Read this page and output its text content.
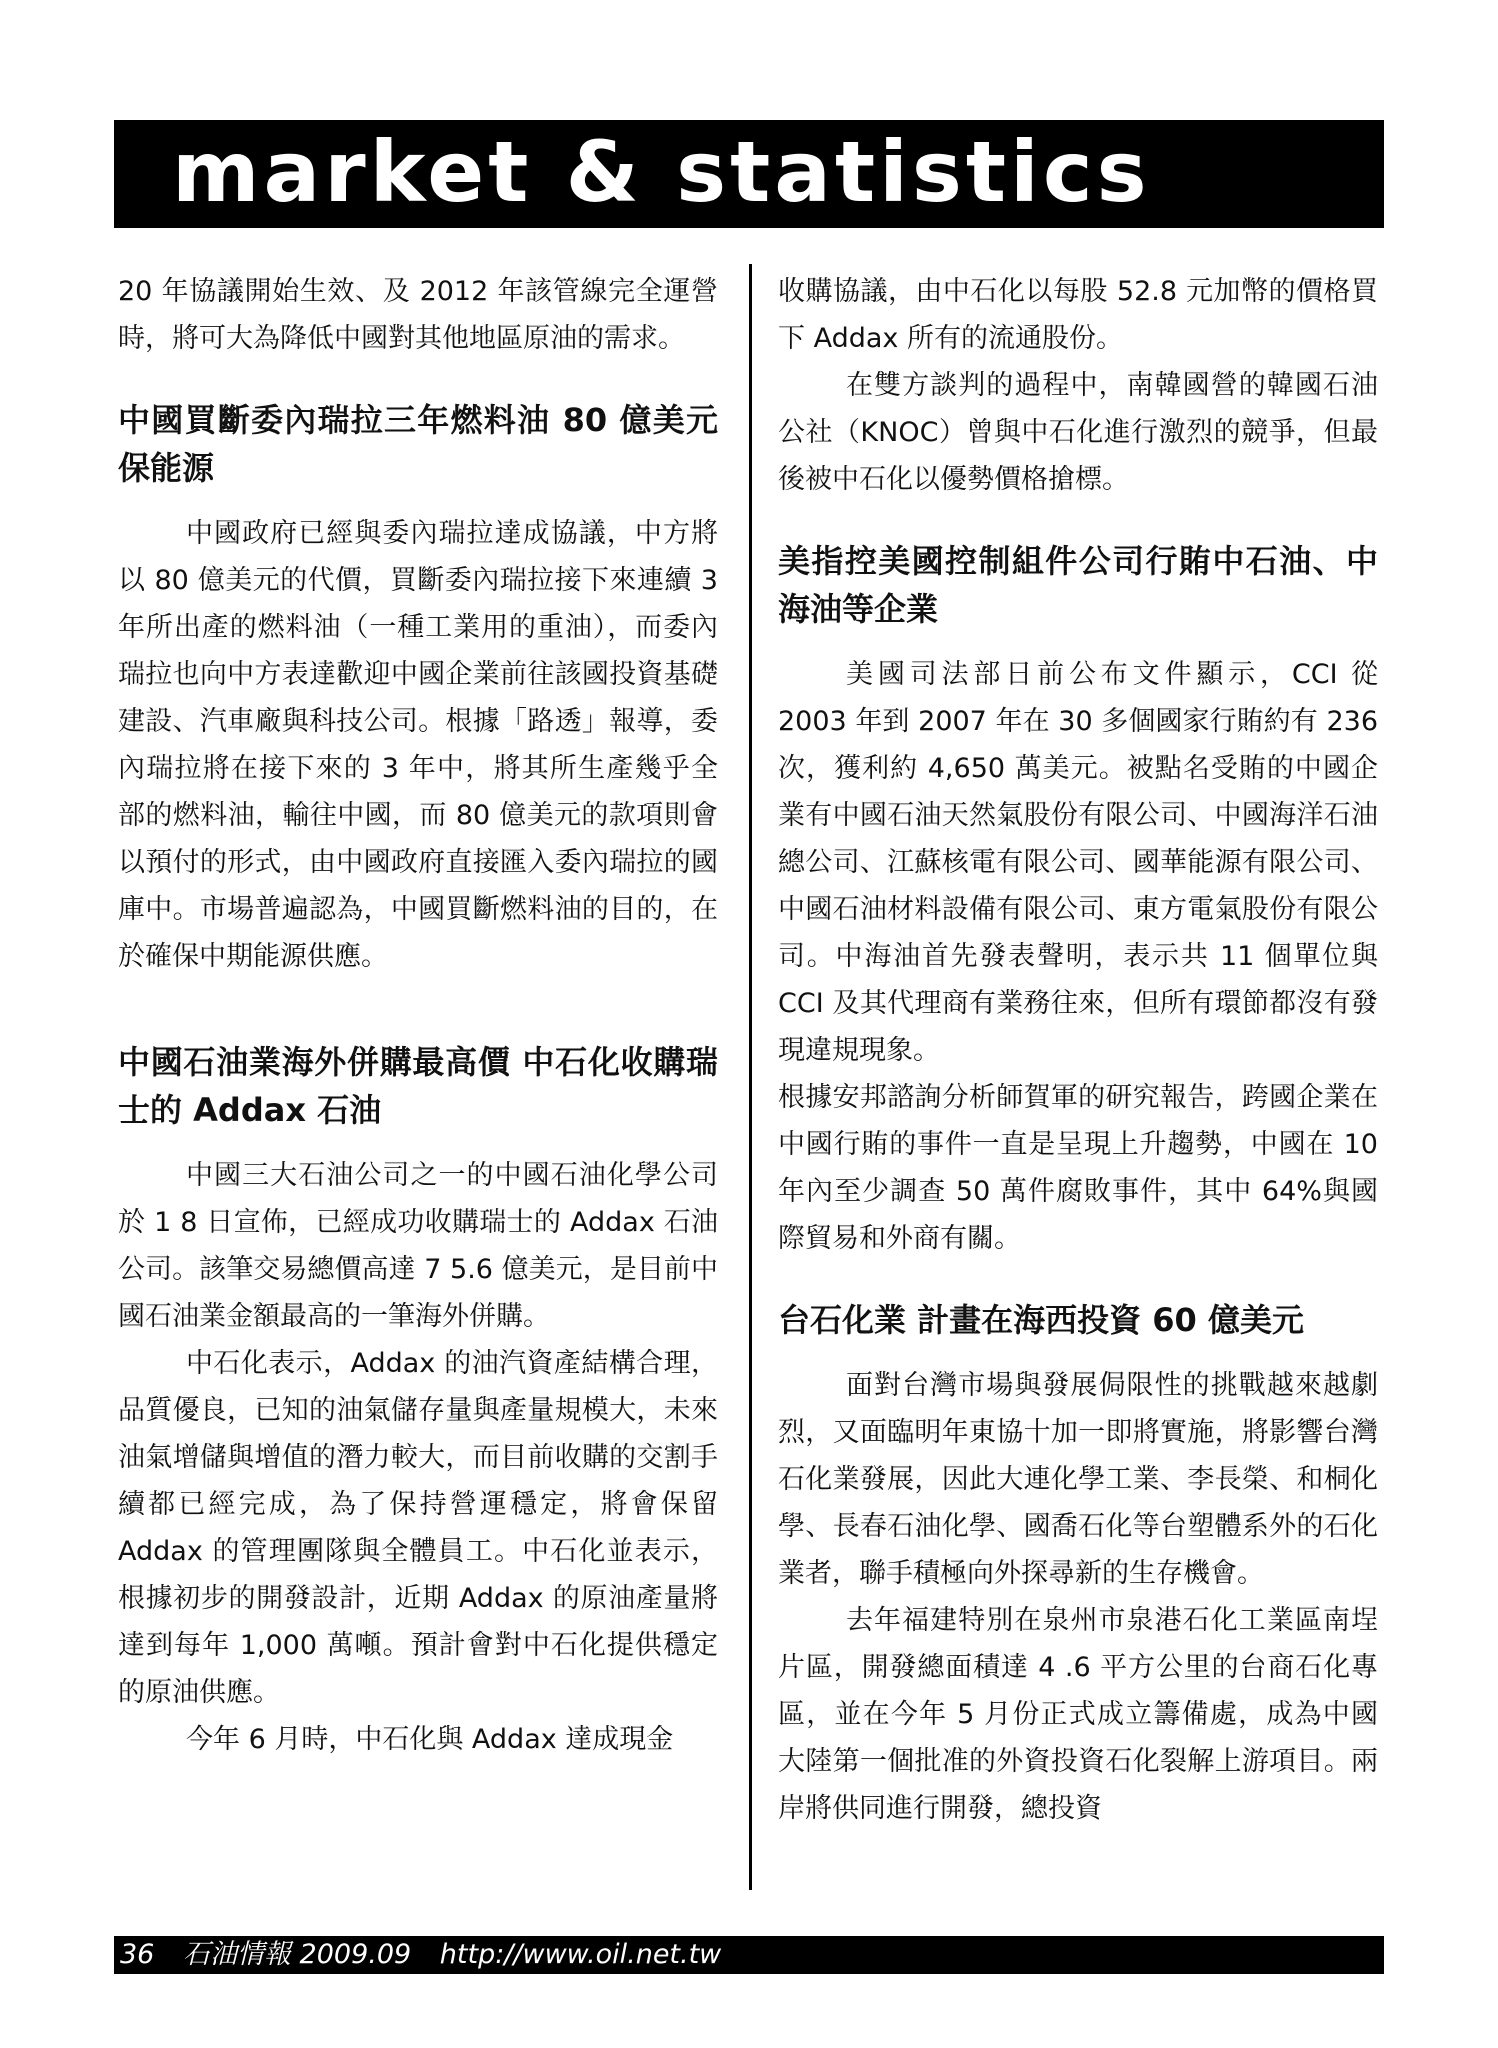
market & statistics

20 年協議開始生效、及 2012 年該管線完全運營時，將可大為降低中國對其他地區原油的需求。

中國買斷委內瑞拉三年燃料油 80 億美元保能源

中國政府已經與委內瑞拉達成協議，中方將以 80 億美元的代價，買斷委內瑞拉接下來連續 3 年所出產的燃料油（一種工業用的重油），而委內瑞拉也向中方表達歡迎中國企業前往該國投資基礎建設、汽車廠與科技公司。根據「路透」報導，委內瑞拉將在接下來的 3 年中，將其所生產幾乎全部的燃料油，輸往中國，而 80 億美元的款項則會以預付的形式，由中國政府直接匯入委內瑞拉的國庫中。市場普遍認為，中國買斷燃料油的目的，在於確保中期能源供應。

中國石油業海外併購最高價 中石化收購瑞士的 Addax 石油

中國三大石油公司之一的中國石油化學公司於 1 8 日宣佈，已經成功收購瑞士的 Addax 石油公司。該筆交易總價高達 7 5.6 億美元，是目前中國石油業金額最高的一筆海外併購。

中石化表示，Addax 的油汽資產結構合理，品質優良，已知的油氣儲存量與產量規模大，未來油氣增儲與增值的潛力較大，而目前收購的交割手續都已經完成，為了保持營運穩定，將會保留 Addax 的管理團隊與全體員工。中石化並表示，根據初步的開發設計，近期 Addax 的原油產量將達到每年 1,000 萬噸。預計會對中石化提供穩定的原油供應。

今年 6 月時，中石化與 Addax 達成現金

收購協議，由中石化以每股 52.8 元加幣的價格買下 Addax 所有的流通股份。

在雙方談判的過程中，南韓國營的韓國石油公社（KNOC）曾與中石化進行激烈的競爭，但最後被中石化以優勢價格搶標。

美指控美國控制組件公司行賄中石油、中海油等企業

美國司法部日前公布文件顯示，CCI 從 2003 年到 2007 年在 30 多個國家行賄約有 236 次，獲利約 4,650 萬美元。被點名受賄的中國企業有中國石油天然氣股份有限公司、中國海洋石油總公司、江蘇核電有限公司、國華能源有限公司、中國石油材料設備有限公司、東方電氣股份有限公司。中海油首先發表聲明，表示共 11 個單位與 CCI 及其代理商有業務往來，但所有環節都沒有發現違規現象。

根據安邦諮詢分析師賀軍的研究報告，跨國企業在中國行賄的事件一直是呈現上升趨勢，中國在 10 年內至少調查 50 萬件腐敗事件，其中 64%與國際貿易和外商有關。

台石化業 計畫在海西投資 60 億美元

面對台灣市場與發展侷限性的挑戰越來越劇烈，又面臨明年東協十加一即將實施，將影響台灣石化業發展，因此大連化學工業、李長榮、和桐化學、長春石油化學、國喬石化等台塑體系外的石化業者，聯手積極向外探尋新的生存機會。

去年福建特別在泉州市泉港石化工業區南埕片區，開發總面積達 4 .6 平方公里的台商石化專區，並在今年 5 月份正式成立籌備處，成為中國大陸第一個批准的外資投資石化裂解上游項目。兩岸將供同進行開發，總投資

36 石油情報 2009.09 http://www.oil.net.tw
